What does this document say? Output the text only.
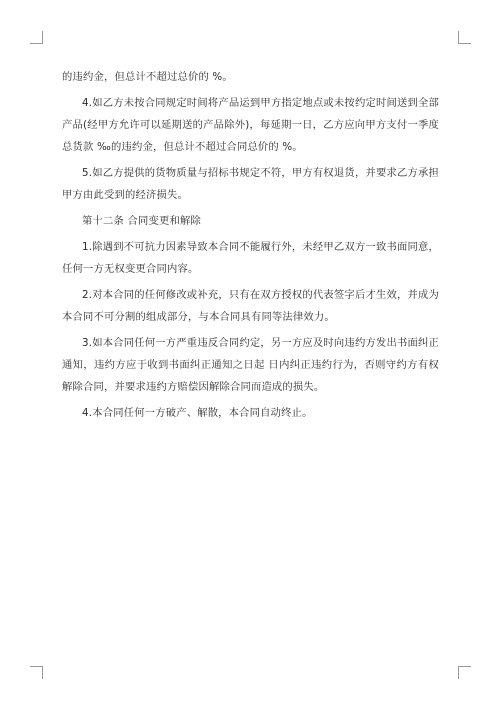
的违约金，但总计不超过总价的 %。

4.如乙方未按合同规定时间将产品运到甲方指定地点或未按约定时间送到全部产品(经甲方允许可以延期送的产品除外)，每延期一日，乙方应向甲方支付一季度总货款 ‰的违约金，但总计不超过合同总价的 %。

5.如乙方提供的货物质量与招标书规定不符，甲方有权退货，并要求乙方承担甲方由此受到的经济损失。

第十二条 合同变更和解除

1.除遇到不可抗力因素导致本合同不能履行外，未经甲乙双方一致书面同意，任何一方无权变更合同内容。

2.对本合同的任何修改或补充，只有在双方授权的代表签字后才生效，并成为本合同不可分割的组成部分，与本合同具有同等法律效力。

3.如本合同任何一方严重违反合同约定，另一方应及时向违约方发出书面纠正通知，违约方应于收到书面纠正通知之日起 日内纠正违约行为，否则守约方有权解除合同，并要求违约方赔偿因解除合同而造成的损失。

4.本合同任何一方破产、解散，本合同自动终止。
